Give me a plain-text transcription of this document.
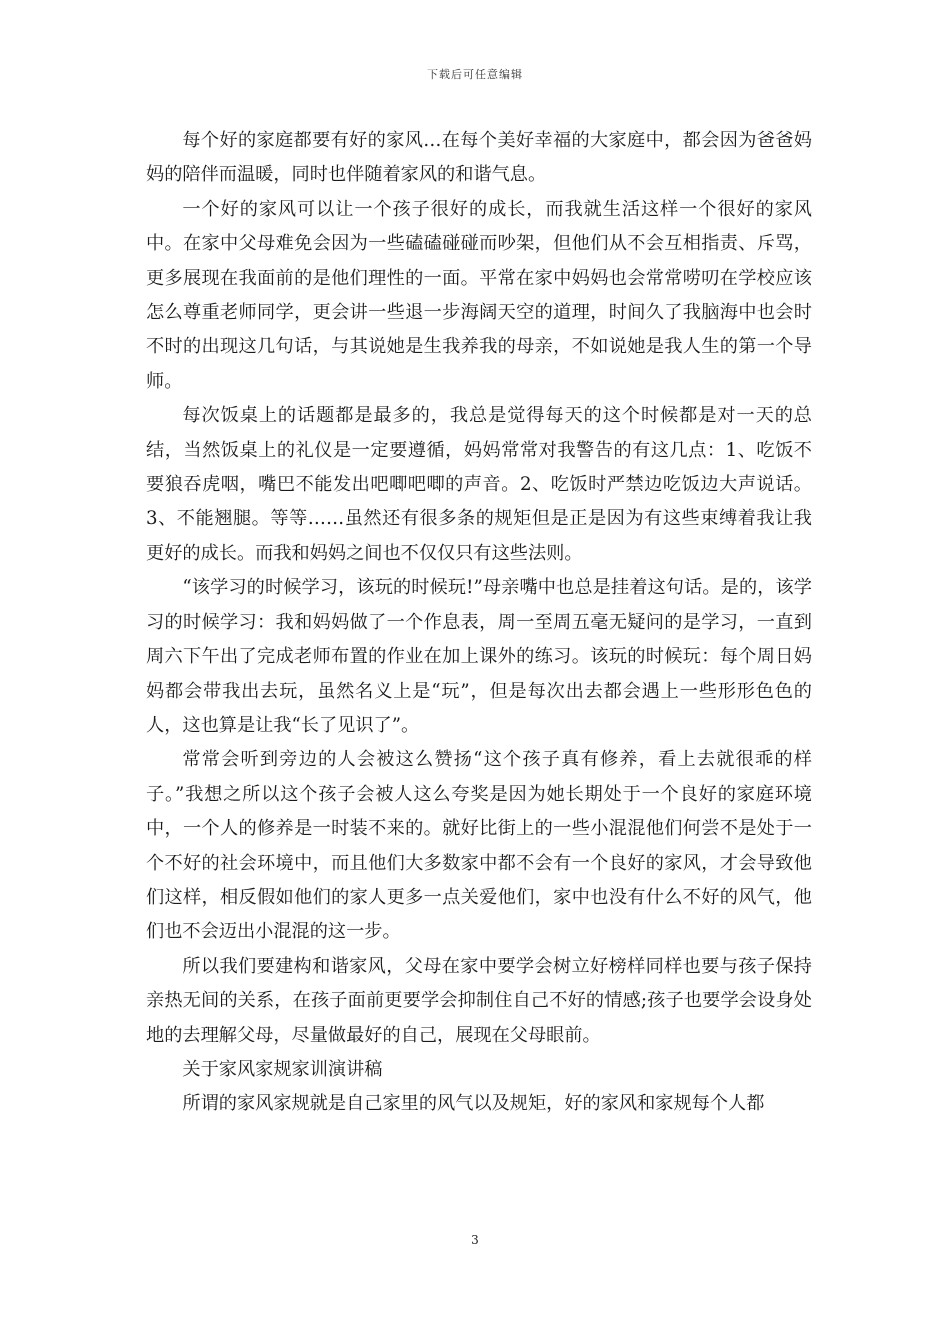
下载后可任意编辑

每个好的家庭都要有好的家风…在每个美好幸福的大家庭中，都会因为爸爸妈妈的陪伴而温暖，同时也伴随着家风的和谐气息。

一个好的家风可以让一个孩子很好的成长，而我就生活这样一个很好的家风中。在家中父母难免会因为一些磕磕碰碰而吵架，但他们从不会互相指责、斥骂，更多展现在我面前的是他们理性的一面。平常在家中妈妈也会常常唠叨在学校应该怎么尊重老师同学，更会讲一些退一步海阔天空的道理，时间久了我脑海中也会时不时的出现这几句话，与其说她是生我养我的母亲，不如说她是我人生的第一个导师。

每次饭桌上的话题都是最多的，我总是觉得每天的这个时候都是对一天的总结，当然饭桌上的礼仪是一定要遵循，妈妈常常对我警告的有这几点：1、吃饭不要狼吞虎咽，嘴巴不能发出吧唧吧唧的声音。2、吃饭时严禁边吃饭边大声说话。3、不能翘腿。等等……虽然还有很多条的规矩但是正是因为有这些束缚着我让我更好的成长。而我和妈妈之间也不仅仅只有这些法则。

“该学习的时候学习，该玩的时候玩!”母亲嘴中也总是挂着这句话。是的，该学习的时候学习：我和妈妈做了一个作息表，周一至周五毫无疑问的是学习，一直到周六下午出了完成老师布置的作业在加上课外的练习。该玩的时候玩：每个周日妈妈都会带我出去玩，虽然名义上是“玩”，但是每次出去都会遇上一些形形色色的人，这也算是让我“长了见识了”。

常常会听到旁边的人会被这么赞扬“这个孩子真有修养，看上去就很乖的样子。”我想之所以这个孩子会被人这么夸奖是因为她长期处于一个良好的家庭环境中，一个人的修养是一时装不来的。就好比街上的一些小混混他们何尝不是处于一个不好的社会环境中，而且他们大多数家中都不会有一个良好的家风，才会导致他们这样，相反假如他们的家人更多一点关爱他们，家中也没有什么不好的风气，他们也不会迈出小混混的这一步。

所以我们要建构和谐家风，父母在家中要学会树立好榜样同样也要与孩子保持亲热无间的关系，在孩子面前更要学会抑制住自己不好的情感;孩子也要学会设身处地的去理解父母，尽量做最好的自己，展现在父母眼前。

关于家风家规家训演讲稿

所谓的家风家规就是自己家里的风气以及规矩，好的家风和家规每个人都

3
